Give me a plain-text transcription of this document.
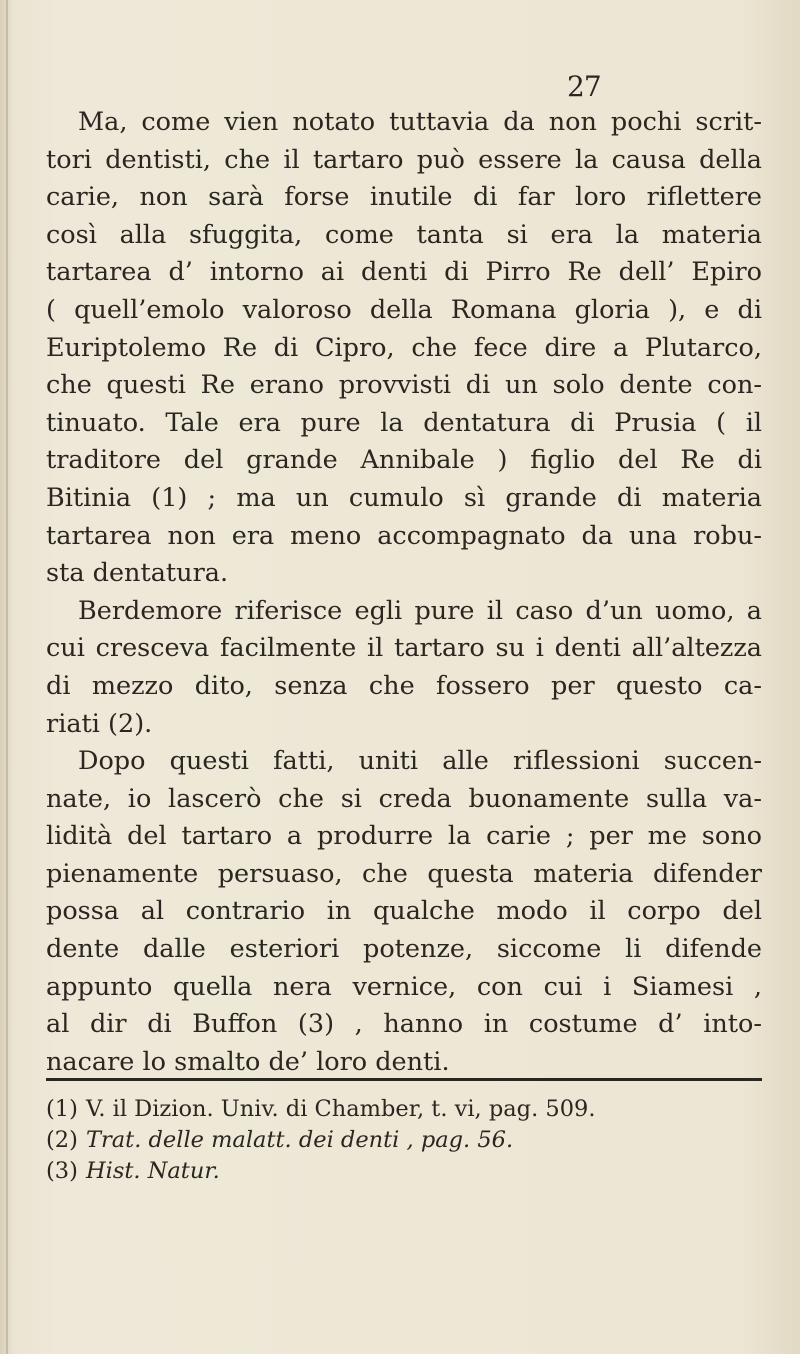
27
Ma, come vien notato tuttavia da non pochi scrit-
tori dentisti, che il tartaro può essere la causa della
carie, non sarà forse inutile di far loro riflettere
così alla sfuggita, come tanta si era la materia
tartarea d’ intorno ai denti di Pirro Re dell’ Epiro
( quell’emolo valoroso della Romana gloria ), e di
Euriptolemo Re di Cipro, che fece dire a Plutarco,
che questi Re erano provvisti di un solo dente con-
tinuato. Tale era pure la dentatura di Prusia ( il
traditore del grande Annibale ) figlio del Re di
Bitinia (1) ; ma un cumulo sì grande di materia
tartarea non era meno accompagnato da una robu-
sta dentatura.
Berdemore riferisce egli pure il caso d’un uomo, a
cui cresceva facilmente il tartaro su i denti all’altezza
di mezzo dito, senza che fossero per questo ca-
riati (2).
Dopo questi fatti, uniti alle riflessioni succen-
nate, io lascerò che si creda buonamente sulla va-
lidità del tartaro a produrre la carie ; per me sono
pienamente persuaso, che questa materia difender
possa al contrario in qualche modo il corpo del
dente dalle esteriori potenze, siccome li difende
appunto quella nera vernice, con cui i Siamesi ,
al dir di Buffon (3) , hanno in costume d’ into-
nacare lo smalto de’ loro denti.
(1) V. il Dizion. Univ. di Chamber, t. vi, pag. 509.
(2) Trat. delle malatt. dei denti , pag. 56.
(3) Hist. Natur.
